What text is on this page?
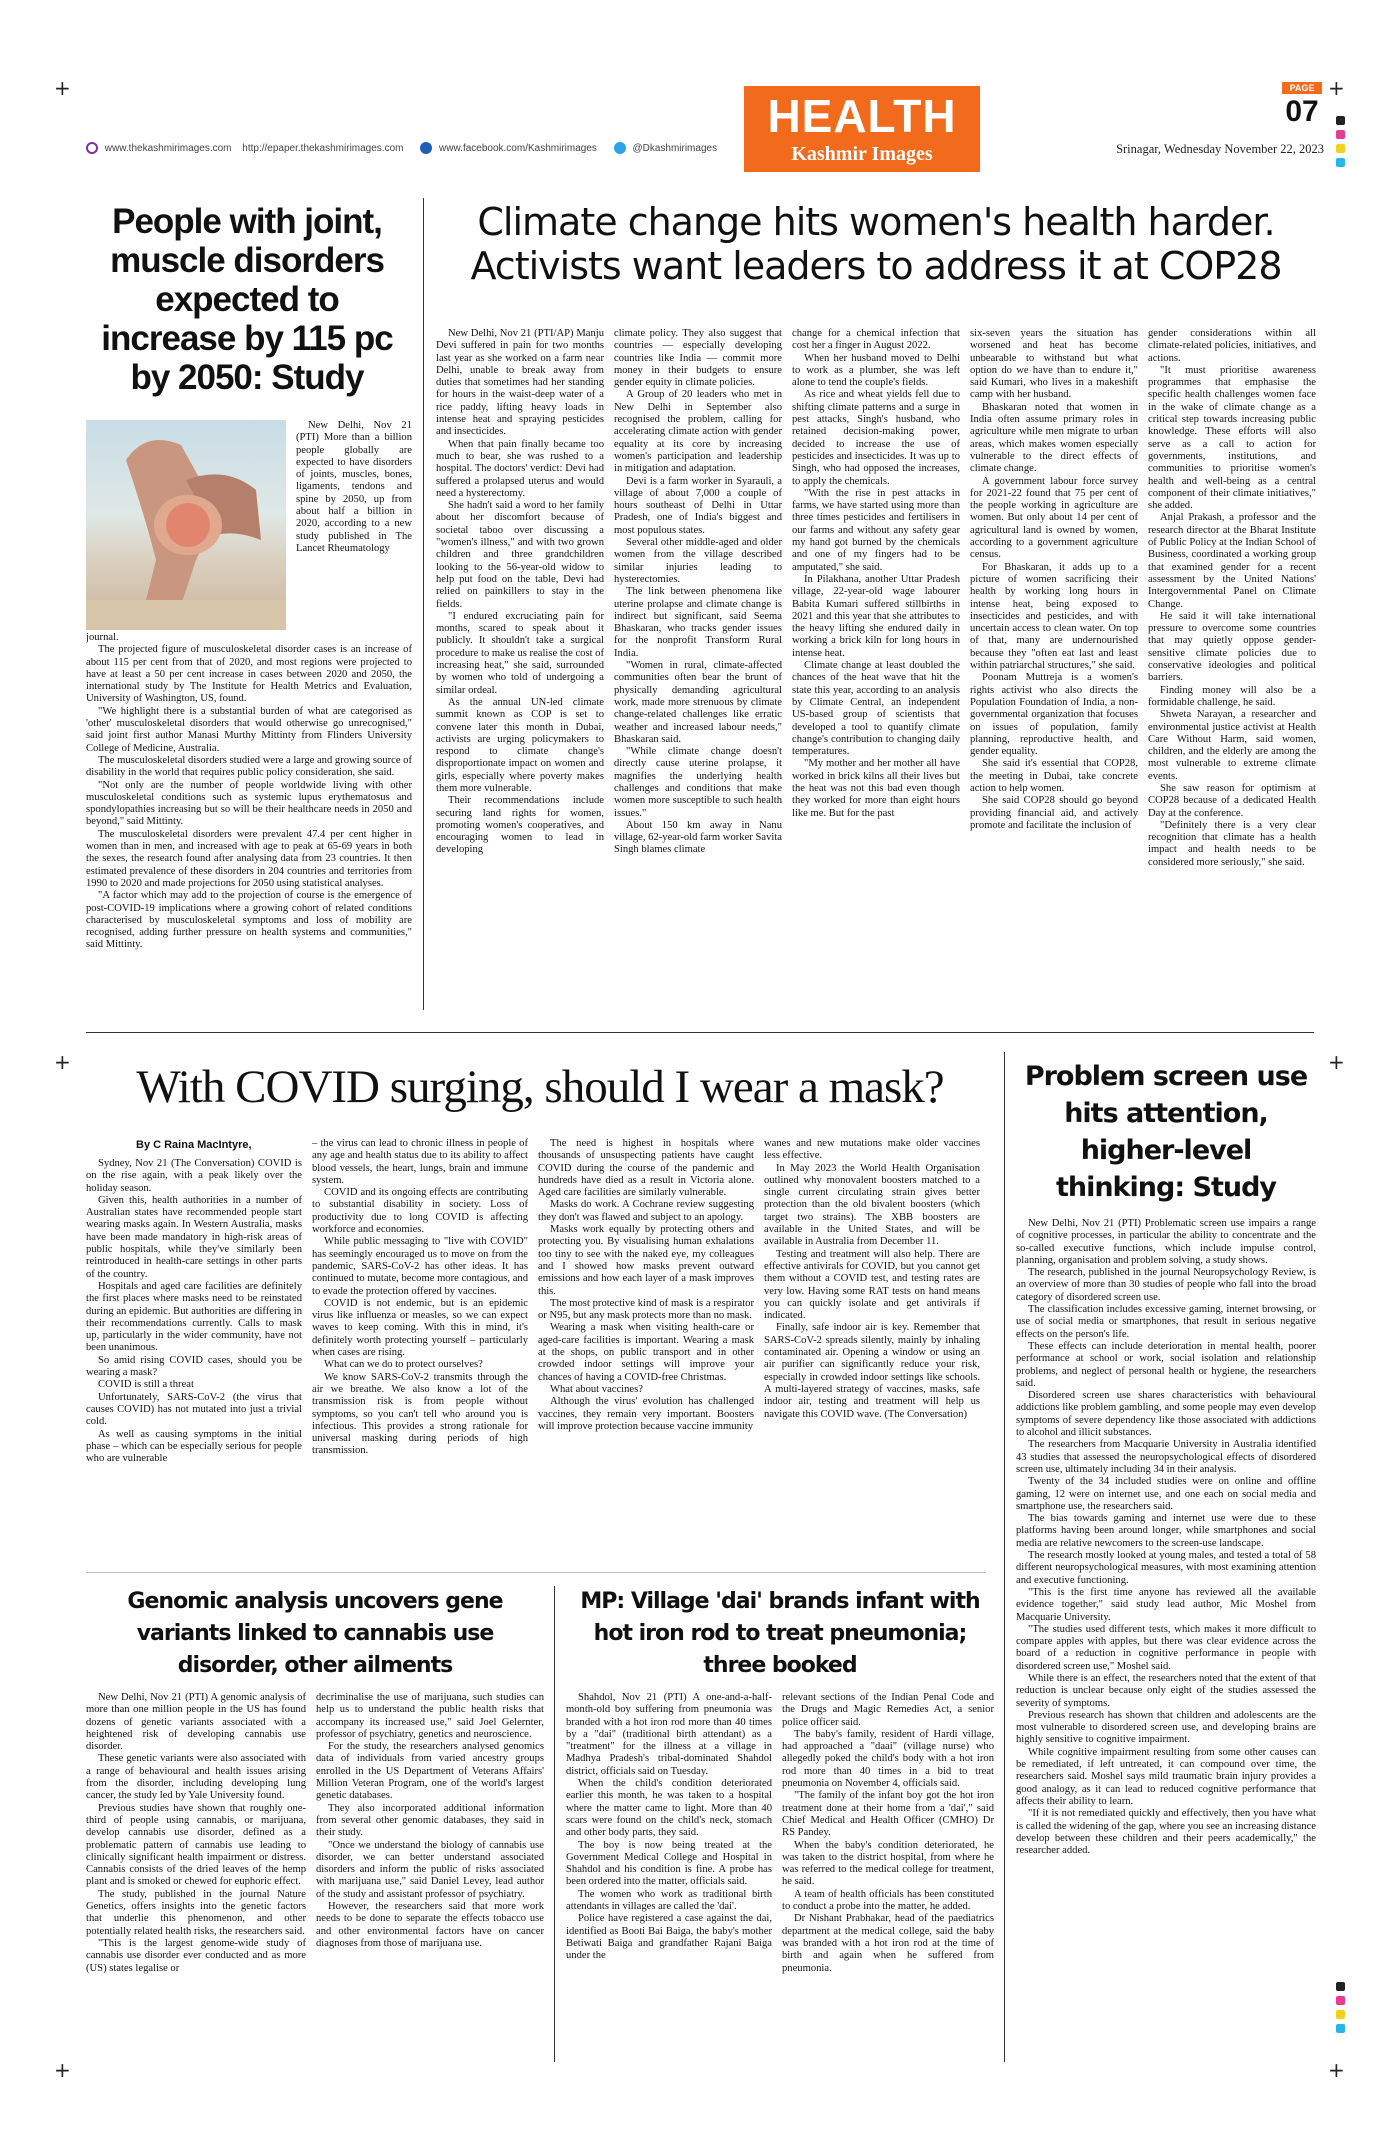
+	+
+	+
+	+
HEALTH
Kashmir Images
PAGE
07
Srinagar, Wednesday November 22, 2023
www.thekashmirimages.com http://epaper.thekashmirimages.com	www.facebook.com/Kashmirimages	@Dkashmirimages
People with joint, muscle disorders expected to increase by 115 pc by 2050: Study

New Delhi, Nov 21 (PTI) More than a billion people globally are expected to have disorders of joints, muscles, bones, ligaments, tendons and spine by 2050, up from about half a billion in 2020, according to a new study published in The Lancet Rheumatology

journal.

The projected figure of musculoskeletal disorder cases is an increase of about 115 per cent from that of 2020, and most regions were projected to have at least a 50 per cent increase in cases between 2020 and 2050, the international study by The Institute for Health Metrics and Evaluation, University of Washington, US, found.

"We highlight there is a substantial burden of what are categorised as 'other' musculoskeletal disorders that would otherwise go unrecognised," said joint first author Manasi Murthy Mittinty from Flinders University College of Medicine, Australia.

The musculoskeletal disorders studied were a large and growing source of disability in the world that requires public policy consideration, she said.

"Not only are the number of people worldwide living with other musculoskeletal conditions such as systemic lupus erythematosus and spondylopathies increasing but so will be their healthcare needs in 2050 and beyond," said Mittinty.

The musculoskeletal disorders were prevalent 47.4 per cent higher in women than in men, and increased with age to peak at 65-69 years in both the sexes, the research found after analysing data from 23 countries. It then estimated prevalence of these disorders in 204 countries and territories from 1990 to 2020 and made projections for 2050 using statistical analyses.

"A factor which may add to the projection of course is the emergence of post-COVID-19 implications where a growing cohort of related conditions characterised by musculoskeletal symptoms and loss of mobility are recognised, adding further pressure on health systems and communities," said Mittinty.

Climate change hits women's health harder. Activists want leaders to address it at COP28

New Delhi, Nov 21 (PTI/AP) Manju Devi suffered in pain for two months last year as she worked on a farm near Delhi, unable to break away from duties that sometimes had her standing for hours in the waist-deep water of a rice paddy, lifting heavy loads in intense heat and spraying pesticides and insecticides.

When that pain finally became too much to bear, she was rushed to a hospital. The doctors' verdict: Devi had suffered a prolapsed uterus and would need a hysterectomy.

She hadn't said a word to her family about her discomfort because of societal taboo over discussing a "women's illness," and with two grown children and three grandchildren looking to the 56-year-old widow to help put food on the table, Devi had relied on painkillers to stay in the fields.

"I endured excruciating pain for months, scared to speak about it publicly. It shouldn't take a surgical procedure to make us realise the cost of increasing heat," she said, surrounded by women who told of undergoing a similar ordeal.

As the annual UN-led climate summit known as COP is set to convene later this month in Dubai, activists are urging policymakers to respond to climate change's disproportionate impact on women and girls, especially where poverty makes them more vulnerable.

Their recommendations include securing land rights for women, promoting women's cooperatives, and encouraging women to lead in developing

climate policy. They also suggest that countries — especially developing countries like India — commit more money in their budgets to ensure gender equity in climate policies.

A Group of 20 leaders who met in New Delhi in September also recognised the problem, calling for accelerating climate action with gender equality at its core by increasing women's participation and leadership in mitigation and adaptation.

Devi is a farm worker in Syarauli, a village of about 7,000 a couple of hours southeast of Delhi in Uttar Pradesh, one of India's biggest and most populous states.

Several other middle-aged and older women from the village described similar injuries leading to hysterectomies.

The link between phenomena like uterine prolapse and climate change is indirect but significant, said Seema Bhaskaran, who tracks gender issues for the nonprofit Transform Rural India.

"Women in rural, climate-affected communities often bear the brunt of physically demanding agricultural work, made more strenuous by climate change-related challenges like erratic weather and increased labour needs," Bhaskaran said.

"While climate change doesn't directly cause uterine prolapse, it magnifies the underlying health challenges and conditions that make women more susceptible to such health issues."

About 150 km away in Nanu village, 62-year-old farm worker Savita Singh blames climate

change for a chemical infection that cost her a finger in August 2022.

When her husband moved to Delhi to work as a plumber, she was left alone to tend the couple's fields.

As rice and wheat yields fell due to shifting climate patterns and a surge in pest attacks, Singh's husband, who retained decision-making power, decided to increase the use of pesticides and insecticides. It was up to Singh, who had opposed the increases, to apply the chemicals.

"With the rise in pest attacks in farms, we have started using more than three times pesticides and fertilisers in our farms and without any safety gear my hand got burned by the chemicals and one of my fingers had to be amputated," she said.

In Pilakhana, another Uttar Pradesh village, 22-year-old wage labourer Babita Kumari suffered stillbirths in 2021 and this year that she attributes to the heavy lifting she endured daily in working a brick kiln for long hours in intense heat.

Climate change at least doubled the chances of the heat wave that hit the state this year, according to an analysis by Climate Central, an independent US-based group of scientists that developed a tool to quantify climate change's contribution to changing daily temperatures.

"My mother and her mother all have worked in brick kilns all their lives but the heat was not this bad even though they worked for more than eight hours like me. But for the past

six-seven years the situation has worsened and heat has become unbearable to withstand but what option do we have than to endure it," said Kumari, who lives in a makeshift camp with her husband.

Bhaskaran noted that women in India often assume primary roles in agriculture while men migrate to urban areas, which makes women especially vulnerable to the direct effects of climate change.

A government labour force survey for 2021-22 found that 75 per cent of the people working in agriculture are women. But only about 14 per cent of agricultural land is owned by women, according to a government agriculture census.

For Bhaskaran, it adds up to a picture of women sacrificing their health by working long hours in intense heat, being exposed to insecticides and pesticides, and with uncertain access to clean water. On top of that, many are undernourished because they "often eat last and least within patriarchal structures," she said.

Poonam Muttreja is a women's rights activist who also directs the Population Foundation of India, a non-governmental organization that focuses on issues of population, family planning, reproductive health, and gender equality.

She said it's essential that COP28, the meeting in Dubai, take concrete action to help women.

She said COP28 should go beyond providing financial aid, and actively promote and facilitate the inclusion of

gender considerations within all climate-related policies, initiatives, and actions.

"It must prioritise awareness programmes that emphasise the specific health challenges women face in the wake of climate change as a critical step towards increasing public knowledge. These efforts will also serve as a call to action for governments, institutions, and communities to prioritise women's health and well-being as a central component of their climate initiatives," she added.

Anjal Prakash, a professor and the research director at the Bharat Institute of Public Policy at the Indian School of Business, coordinated a working group that examined gender for a recent assessment by the United Nations' Intergovernmental Panel on Climate Change.

He said it will take international pressure to overcome some countries that may quietly oppose gender-sensitive climate policies due to conservative ideologies and political barriers.

Finding money will also be a formidable challenge, he said.

Shweta Narayan, a researcher and environmental justice activist at Health Care Without Harm, said women, children, and the elderly are among the most vulnerable to extreme climate events.

She saw reason for optimism at COP28 because of a dedicated Health Day at the conference.

"Definitely there is a very clear recognition that climate has a health impact and health needs to be considered more seriously," she said.

With COVID surging, should I wear a mask?
By C Raina MacIntyre,

Sydney, Nov 21 (The Conversation) COVID is on the rise again, with a peak likely over the holiday season.

Given this, health authorities in a number of Australian states have recommended people start wearing masks again. In Western Australia, masks have been made mandatory in high-risk areas of public hospitals, while they've similarly been reintroduced in health-care settings in other parts of the country.

Hospitals and aged care facilities are definitely the first places where masks need to be reinstated during an epidemic. But authorities are differing in their recommendations currently. Calls to mask up, particularly in the wider community, have not been unanimous.

So amid rising COVID cases, should you be wearing a mask?

COVID is still a threat

Unfortunately, SARS-CoV-2 (the virus that causes COVID) has not mutated into just a trivial cold.

As well as causing symptoms in the initial phase – which can be especially serious for people who are vulnerable

– the virus can lead to chronic illness in people of any age and health status due to its ability to affect blood vessels, the heart, lungs, brain and immune system.

COVID and its ongoing effects are contributing to substantial disability in society. Loss of productivity due to long COVID is affecting workforce and economies.

While public messaging to "live with COVID" has seemingly encouraged us to move on from the pandemic, SARS-CoV-2 has other ideas. It has continued to mutate, become more contagious, and to evade the protection offered by vaccines.

COVID is not endemic, but is an epidemic virus like influenza or measles, so we can expect waves to keep coming. With this in mind, it's definitely worth protecting yourself – particularly when cases are rising.

What can we do to protect ourselves?

We know SARS-CoV-2 transmits through the air we breathe. We also know a lot of the transmission risk is from people without symptoms, so you can't tell who around you is infectious. This provides a strong rationale for universal masking during periods of high transmission.

The need is highest in hospitals where thousands of unsuspecting patients have caught COVID during the course of the pandemic and hundreds have died as a result in Victoria alone. Aged care facilities are similarly vulnerable.

Masks do work. A Cochrane review suggesting they don't was flawed and subject to an apology.

Masks work equally by protecting others and protecting you. By visualising human exhalations too tiny to see with the naked eye, my colleagues and I showed how masks prevent outward emissions and how each layer of a mask improves this.

The most protective kind of mask is a respirator or N95, but any mask protects more than no mask.

Wearing a mask when visiting health-care or aged-care facilities is important. Wearing a mask at the shops, on public transport and in other crowded indoor settings will improve your chances of having a COVID-free Christmas.

What about vaccines?

Although the virus' evolution has challenged vaccines, they remain very important. Boosters will improve protection because vaccine immunity

wanes and new mutations make older vaccines less effective.

In May 2023 the World Health Organisation outlined why monovalent boosters matched to a single current circulating strain gives better protection than the old bivalent boosters (which target two strains). The XBB boosters are available in the United States, and will be available in Australia from December 11.

Testing and treatment will also help. There are effective antivirals for COVID, but you cannot get them without a COVID test, and testing rates are very low. Having some RAT tests on hand means you can quickly isolate and get antivirals if indicated.

Finally, safe indoor air is key. Remember that SARS-CoV-2 spreads silently, mainly by inhaling contaminated air. Opening a window or using an air purifier can significantly reduce your risk, especially in crowded indoor settings like schools. A multi-layered strategy of vaccines, masks, safe indoor air, testing and treatment will help us navigate this COVID wave. (The Conversation)

Problem screen use hits attention, higher-level thinking: Study

New Delhi, Nov 21 (PTI) Problematic screen use impairs a range of cognitive processes, in particular the ability to concentrate and the so-called executive functions, which include impulse control, planning, organisation and problem solving, a study shows.

The research, published in the journal Neuropsychology Review, is an overview of more than 30 studies of people who fall into the broad category of disordered screen use.

The classification includes excessive gaming, internet browsing, or use of social media or smartphones, that result in serious negative effects on the person's life.

These effects can include deterioration in mental health, poorer performance at school or work, social isolation and relationship problems, and neglect of personal health or hygiene, the researchers said.

Disordered screen use shares characteristics with behavioural addictions like problem gambling, and some people may even develop symptoms of severe dependency like those associated with addictions to alcohol and illicit substances.

The researchers from Macquarie University in Australia identified 43 studies that assessed the neuropsychological effects of disordered screen use, ultimately including 34 in their analysis.

Twenty of the 34 included studies were on online and offline gaming, 12 were on internet use, and one each on social media and smartphone use, the researchers said.

The bias towards gaming and internet use were due to these platforms having been around longer, while smartphones and social media are relative newcomers to the screen-use landscape.

The research mostly looked at young males, and tested a total of 58 different neuropsychological measures, with most examining attention and executive functioning.

"This is the first time anyone has reviewed all the available evidence together," said study lead author, Mic Moshel from Macquarie University.

"The studies used different tests, which makes it more difficult to compare apples with apples, but there was clear evidence across the board of a reduction in cognitive performance in people with disordered screen use," Moshel said.

While there is an effect, the researchers noted that the extent of that reduction is unclear because only eight of the studies assessed the severity of symptoms.

Previous research has shown that children and adolescents are the most vulnerable to disordered screen use, and developing brains are highly sensitive to cognitive impairment.

While cognitive impairment resulting from some other causes can be remediated, if left untreated, it can compound over time, the researchers said. Moshel says mild traumatic brain injury provides a good analogy, as it can lead to reduced cognitive performance that affects their ability to learn.

"If it is not remediated quickly and effectively, then you have what is called the widening of the gap, where you see an increasing distance develop between these children and their peers academically," the researcher added.

Genomic analysis uncovers gene variants linked to cannabis use disorder, other ailments

New Delhi, Nov 21 (PTI) A genomic analysis of more than one million people in the US has found dozens of genetic variants associated with a heightened risk of developing cannabis use disorder.

These genetic variants were also associated with a range of behavioural and health issues arising from the disorder, including developing lung cancer, the study led by Yale University found.

Previous studies have shown that roughly one-third of people using cannabis, or marijuana, develop cannabis use disorder, defined as a problematic pattern of cannabis use leading to clinically significant health impairment or distress. Cannabis consists of the dried leaves of the hemp plant and is smoked or chewed for euphoric effect.

The study, published in the journal Nature Genetics, offers insights into the genetic factors that underlie this phenomenon, and other potentially related health risks, the researchers said.

"This is the largest genome-wide study of cannabis use disorder ever conducted and as more (US) states legalise or

decriminalise the use of marijuana, such studies can help us to understand the public health risks that accompany its increased use," said Joel Gelernter, professor of psychiatry, genetics and neuroscience.

For the study, the researchers analysed genomics data of individuals from varied ancestry groups enrolled in the US Department of Veterans Affairs' Million Veteran Program, one of the world's largest genetic databases.

They also incorporated additional information from several other genomic databases, they said in their study.

"Once we understand the biology of cannabis use disorder, we can better understand associated disorders and inform the public of risks associated with marijuana use," said Daniel Levey, lead author of the study and assistant professor of psychiatry.

However, the researchers said that more work needs to be done to separate the effects tobacco use and other environmental factors have on cancer diagnoses from those of marijuana use.

MP: Village 'dai' brands infant with hot iron rod to treat pneumonia; three booked

Shahdol, Nov 21 (PTI) A one-and-a-half-month-old boy suffering from pneumonia was branded with a hot iron rod more than 40 times by a "dai" (traditional birth attendant) as a "treatment" for the illness at a village in Madhya Pradesh's tribal-dominated Shahdol district, officials said on Tuesday.

When the child's condition deteriorated earlier this month, he was taken to a hospital where the matter came to light. More than 40 scars were found on the child's neck, stomach and other body parts, they said.

The boy is now being treated at the Government Medical College and Hospital in Shahdol and his condition is fine. A probe has been ordered into the matter, officials said.

The women who work as traditional birth attendants in villages are called the 'dai'.

Police have registered a case against the dai, identified as Booti Bai Baiga, the baby's mother Betiwati Baiga and grandfather Rajani Baiga under the

relevant sections of the Indian Penal Code and the Drugs and Magic Remedies Act, a senior police officer said.

The baby's family, resident of Hardi village, had approached a "daai" (village nurse) who allegedly poked the child's body with a hot iron rod more than 40 times in a bid to treat pneumonia on November 4, officials said.

"The family of the infant boy got the hot iron treatment done at their home from a 'dai'," said Chief Medical and Health Officer (CMHO) Dr RS Pandey.

When the baby's condition deteriorated, he was taken to the district hospital, from where he was referred to the medical college for treatment, he said.

A team of health officials has been constituted to conduct a probe into the matter, he added.

Dr Nishant Prabhakar, head of the paediatrics department at the medical college, said the baby was branded with a hot iron rod at the time of birth and again when he suffered from pneumonia.
